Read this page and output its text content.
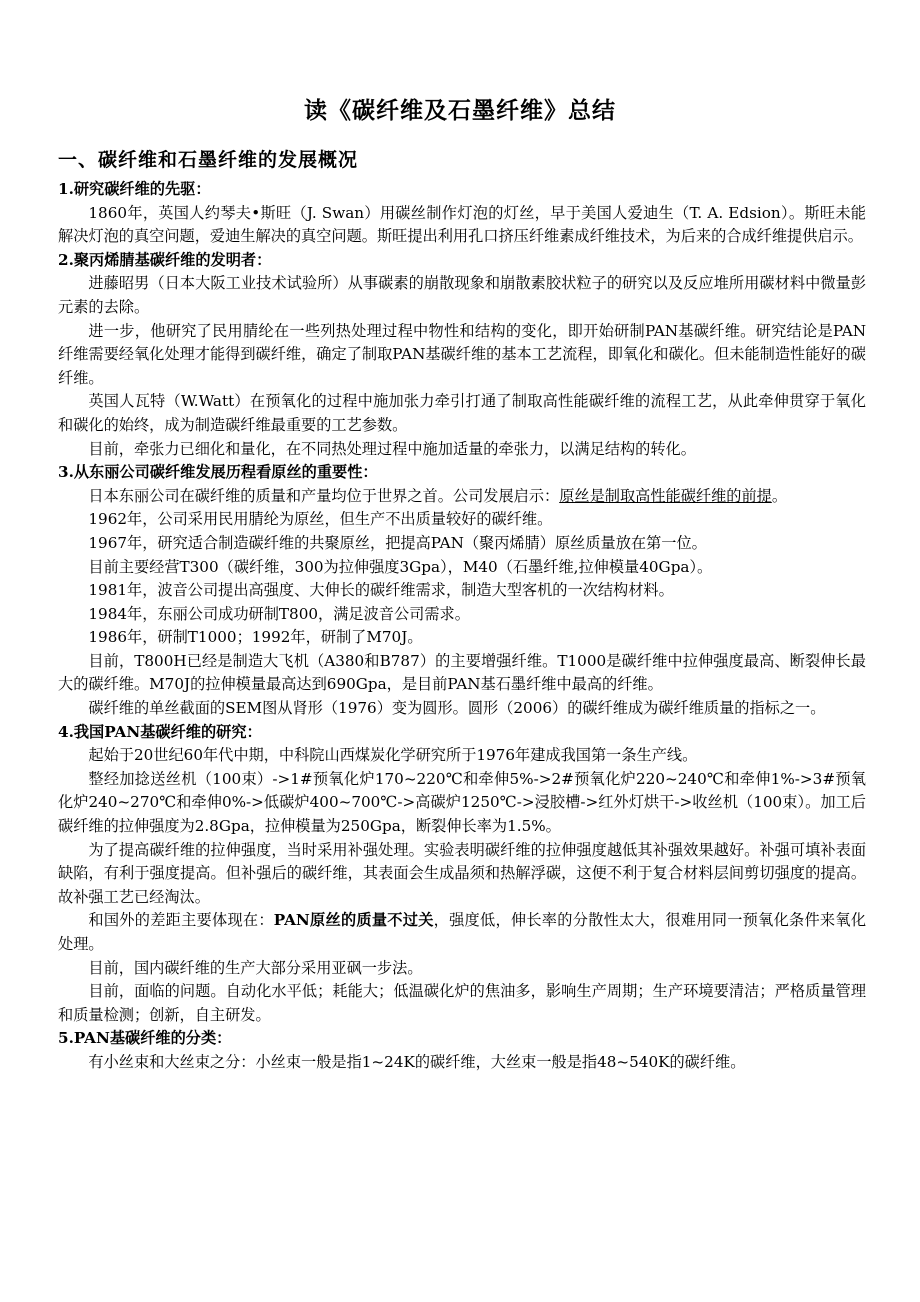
读《碳纤维及石墨纤维》总结
一、碳纤维和石墨纤维的发展概况

1.研究碳纤维的先驱：

1860年，英国人约琴夫•斯旺（J. Swan）用碳丝制作灯泡的灯丝，早于美国人爱迪生（T. A. Edsion）。斯旺未能解决灯泡的真空问题，爱迪生解决的真空问题。斯旺提出利用孔口挤压纤维素成纤维技术，为后来的合成纤维提供启示。

2.聚丙烯腈基碳纤维的发明者：

进藤昭男（日本大阪工业技术试验所）从事碳素的崩散现象和崩散素胶状粒子的研究以及反应堆所用碳材料中微量彭元素的去除。

进一步，他研究了民用腈纶在一些列热处理过程中物性和结构的变化，即开始研制PAN基碳纤维。研究结论是PAN纤维需要经氧化处理才能得到碳纤维，确定了制取PAN基碳纤维的基本工艺流程，即氧化和碳化。但未能制造性能好的碳纤维。

英国人瓦特（W.Watt）在预氧化的过程中施加张力牵引打通了制取高性能碳纤维的流程工艺，从此牵伸贯穿于氧化和碳化的始终，成为制造碳纤维最重要的工艺参数。

目前，牵张力已细化和量化，在不同热处理过程中施加适量的牵张力，以满足结构的转化。

3.从东丽公司碳纤维发展历程看原丝的重要性：

日本东丽公司在碳纤维的质量和产量均位于世界之首。公司发展启示：原丝是制取高性能碳纤维的前提。

1962年，公司采用民用腈纶为原丝，但生产不出质量较好的碳纤维。

1967年，研究适合制造碳纤维的共聚原丝，把提高PAN（聚丙烯腈）原丝质量放在第一位。

目前主要经营T300（碳纤维，300为拉伸强度3Gpa），M40（石墨纤维,拉伸模量40Gpa）。

1981年，波音公司提出高强度、大伸长的碳纤维需求，制造大型客机的一次结构材料。

1984年，东丽公司成功研制T800，满足波音公司需求。

1986年，研制T1000；1992年，研制了M70J。

目前，T800H已经是制造大飞机（A380和B787）的主要增强纤维。T1000是碳纤维中拉伸强度最高、断裂伸长最大的碳纤维。M70J的拉伸模量最高达到690Gpa，是目前PAN基石墨纤维中最高的纤维。

碳纤维的单丝截面的SEM图从肾形（1976）变为圆形。圆形（2006）的碳纤维成为碳纤维质量的指标之一。

4.我国PAN基碳纤维的研究：

起始于20世纪60年代中期，中科院山西煤炭化学研究所于1976年建成我国第一条生产线。

整经加捻送丝机（100束）->1#预氧化炉170~220℃和牵伸5%->2#预氧化炉220~240℃和牵伸1%->3#预氧化炉240~270℃和牵伸0%->低碳炉400~700℃->高碳炉1250℃->浸胶槽->红外灯烘干->收丝机（100束）。加工后碳纤维的拉伸强度为2.8Gpa，拉伸模量为250Gpa，断裂伸长率为1.5%。

为了提高碳纤维的拉伸强度，当时采用补强处理。实验表明碳纤维的拉伸强度越低其补强效果越好。补强可填补表面缺陷，有利于强度提高。但补强后的碳纤维，其表面会生成晶须和热解浮碳，这便不利于复合材料层间剪切强度的提高。故补强工艺已经淘汰。

和国外的差距主要体现在：PAN原丝的质量不过关，强度低，伸长率的分散性太大，很难用同一预氧化条件来氧化处理。

目前，国内碳纤维的生产大部分采用亚砜一步法。

目前，面临的问题。自动化水平低；耗能大；低温碳化炉的焦油多，影响生产周期；生产环境要清洁；严格质量管理和质量检测；创新，自主研发。

5.PAN基碳纤维的分类：

有小丝束和大丝束之分：小丝束一般是指1~24K的碳纤维，大丝束一般是指48~540K的碳纤维。
